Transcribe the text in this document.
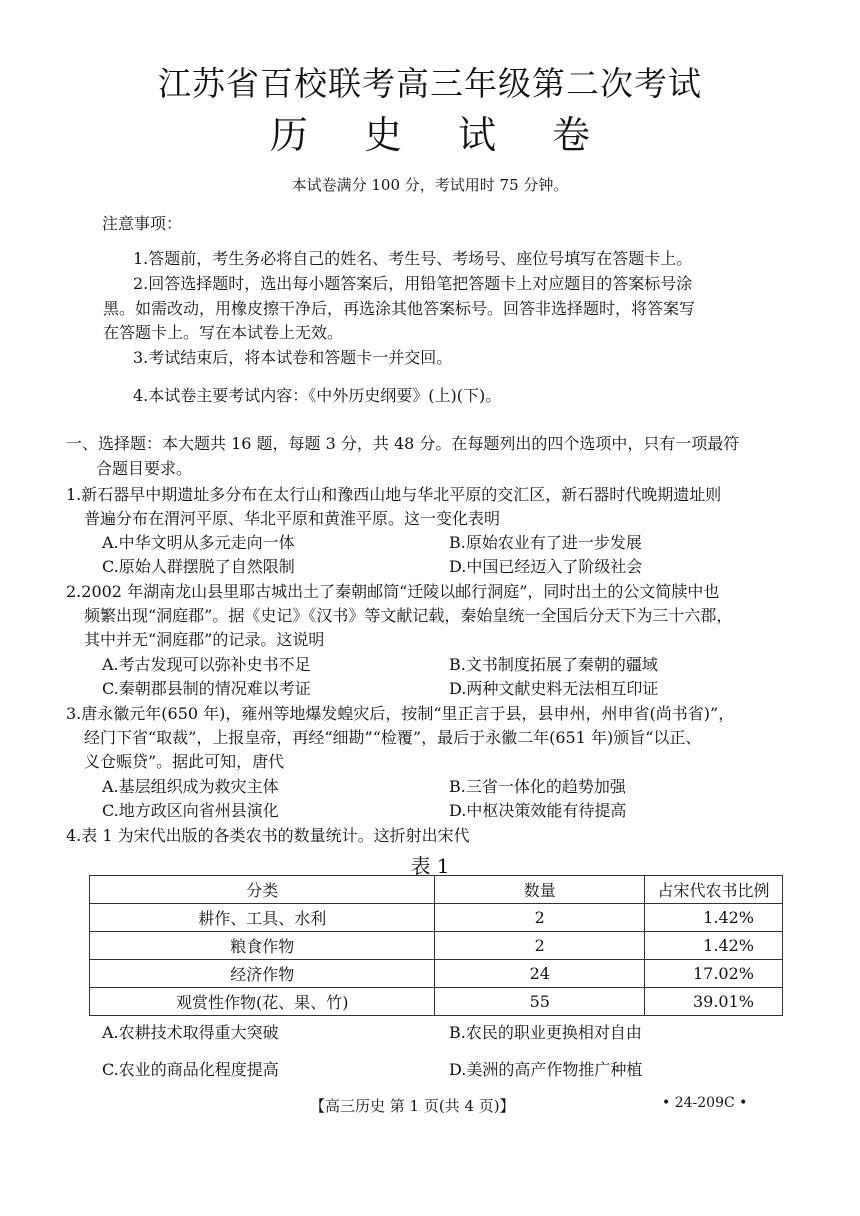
江苏省百校联考高三年级第二次考试
历 史 试 卷
本试卷满分 100 分，考试用时 75 分钟。
注意事项：
1.答题前，考生务必将自己的姓名、考生号、考场号、座位号填写在答题卡上。
2.回答选择题时，选出每小题答案后，用铅笔把答题卡上对应题目的答案标号涂
黑。如需改动，用橡皮擦干净后，再选涂其他答案标号。回答非选择题时，将答案写
在答题卡上。写在本试卷上无效。
3.考试结束后，将本试卷和答题卡一并交回。
4.本试卷主要考试内容：《中外历史纲要》(上)(下)。
一、选择题：本大题共 16 题，每题 3 分，共 48 分。在每题列出的四个选项中，只有一项最符
合题目要求。
1.新石器早中期遗址多分布在太行山和豫西山地与华北平原的交汇区，新石器时代晚期遗址则
普遍分布在渭河平原、华北平原和黄淮平原。这一变化表明
A.中华文明从多元走向一体	B.原始农业有了进一步发展
C.原始人群摆脱了自然限制	D.中国已经迈入了阶级社会
2.2002 年湖南龙山县里耶古城出土了秦朝邮筒“迁陵以邮行洞庭”，同时出土的公文简牍中也
频繁出现“洞庭郡”。据《史记》《汉书》等文献记载，秦始皇统一全国后分天下为三十六郡，
其中并无“洞庭郡”的记录。这说明
A.考古发现可以弥补史书不足	B.文书制度拓展了秦朝的疆域
C.秦朝郡县制的情况难以考证	D.两种文献史料无法相互印证
3.唐永徽元年(650 年)，雍州等地爆发蝗灾后，按制“里正言于县，县申州，州申省(尚书省)”，
经门下省“取裁”，上报皇帝，再经“细勘”“检覆”，最后于永徽二年(651 年)颁旨“以正、
义仓赈贷”。据此可知，唐代
A.基层组织成为救灾主体	B.三省一体化的趋势加强
C.地方政区向省州县演化	D.中枢决策效能有待提高
4.表 1 为宋代出版的各类农书的数量统计。这折射出宋代
表 1
分类	数量	占宋代农书比例
耕作、工具、水利	2	1.42%
粮食作物	2	1.42%
经济作物	24	17.02%
观赏性作物(花、果、竹)	55	39.01%
A.农耕技术取得重大突破	B.农民的职业更换相对自由
C.农业的商品化程度提高	D.美洲的高产作物推广种植
【高三历史 第 1 页(共 4 页)】	• 24-209C •
